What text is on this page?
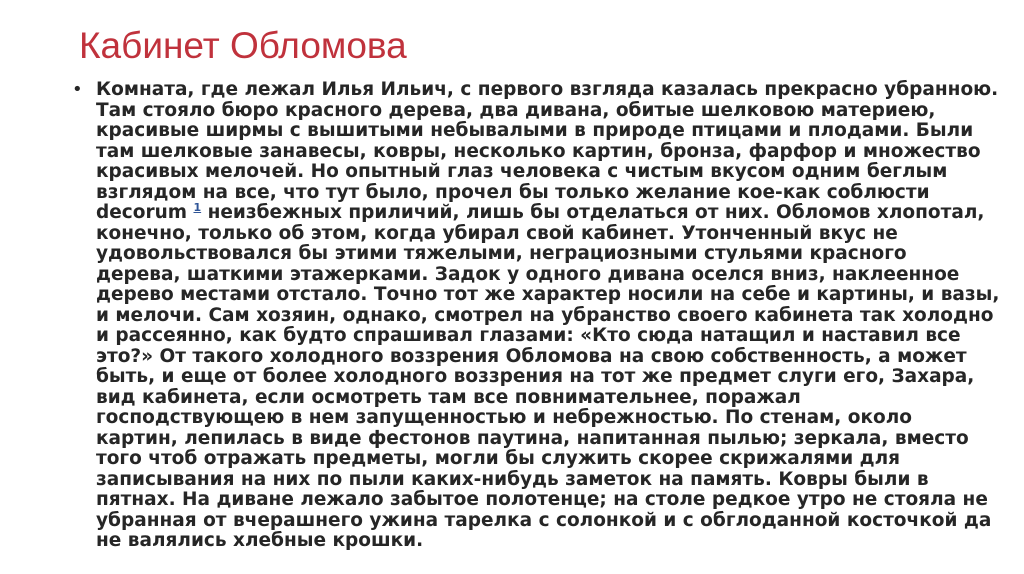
Кабинет Обломова
• Комната, где лежал Илья Ильич, с первого взгляда казалась прекрасно убранною.
Там стояло бюро красного дерева, два дивана, обитые шелковою материею,
красивые ширмы с вышитыми небывалыми в природе птицами и плодами. Были
там шелковые занавесы, ковры, несколько картин, бронза, фарфор и множество
красивых мелочей. Но опытный глаз человека с чистым вкусом одним беглым
взглядом на все, что тут было, прочел бы только желание кое-как соблюсти
decorum $^1$ неизбежных приличий, лишь бы отделаться от них. Обломов хлопотал,
конечно, только об этом, когда убирал свой кабинет. Утонченный вкус не
удовольствовался бы этими тяжелыми, неграциозными стульями красного
дерева, шаткими этажерками. Задок у одного дивана оселся вниз, наклеенное
дерево местами отстало. Точно тот же характер носили на себе и картины, и вазы,
и мелочи. Сам хозяин, однако, смотрел на убранство своего кабинета так холодно
и рассеянно, как будто спрашивал глазами: «Кто сюда натащил и наставил все
это?» От такого холодного воззрения Обломова на свою собственность, а может
быть, и еще от более холодного воззрения на тот же предмет слуги его, Захара,
вид кабинета, если осмотреть там все повнимательнее, поражал
господствующею в нем запущенностью и небрежностью. По стенам, около
картин, лепилась в виде фестонов паутина, напитанная пылью; зеркала, вместо
того чтоб отражать предметы, могли бы служить скорее скрижалями для
записывания на них по пыли каких-нибудь заметок на память. Ковры были в
пятнах. На диване лежало забытое полотенце; на столе редкое утро не стояла не
убранная от вчерашнего ужина тарелка с солонкой и с обглоданной косточкой да
не валялись хлебные крошки.
